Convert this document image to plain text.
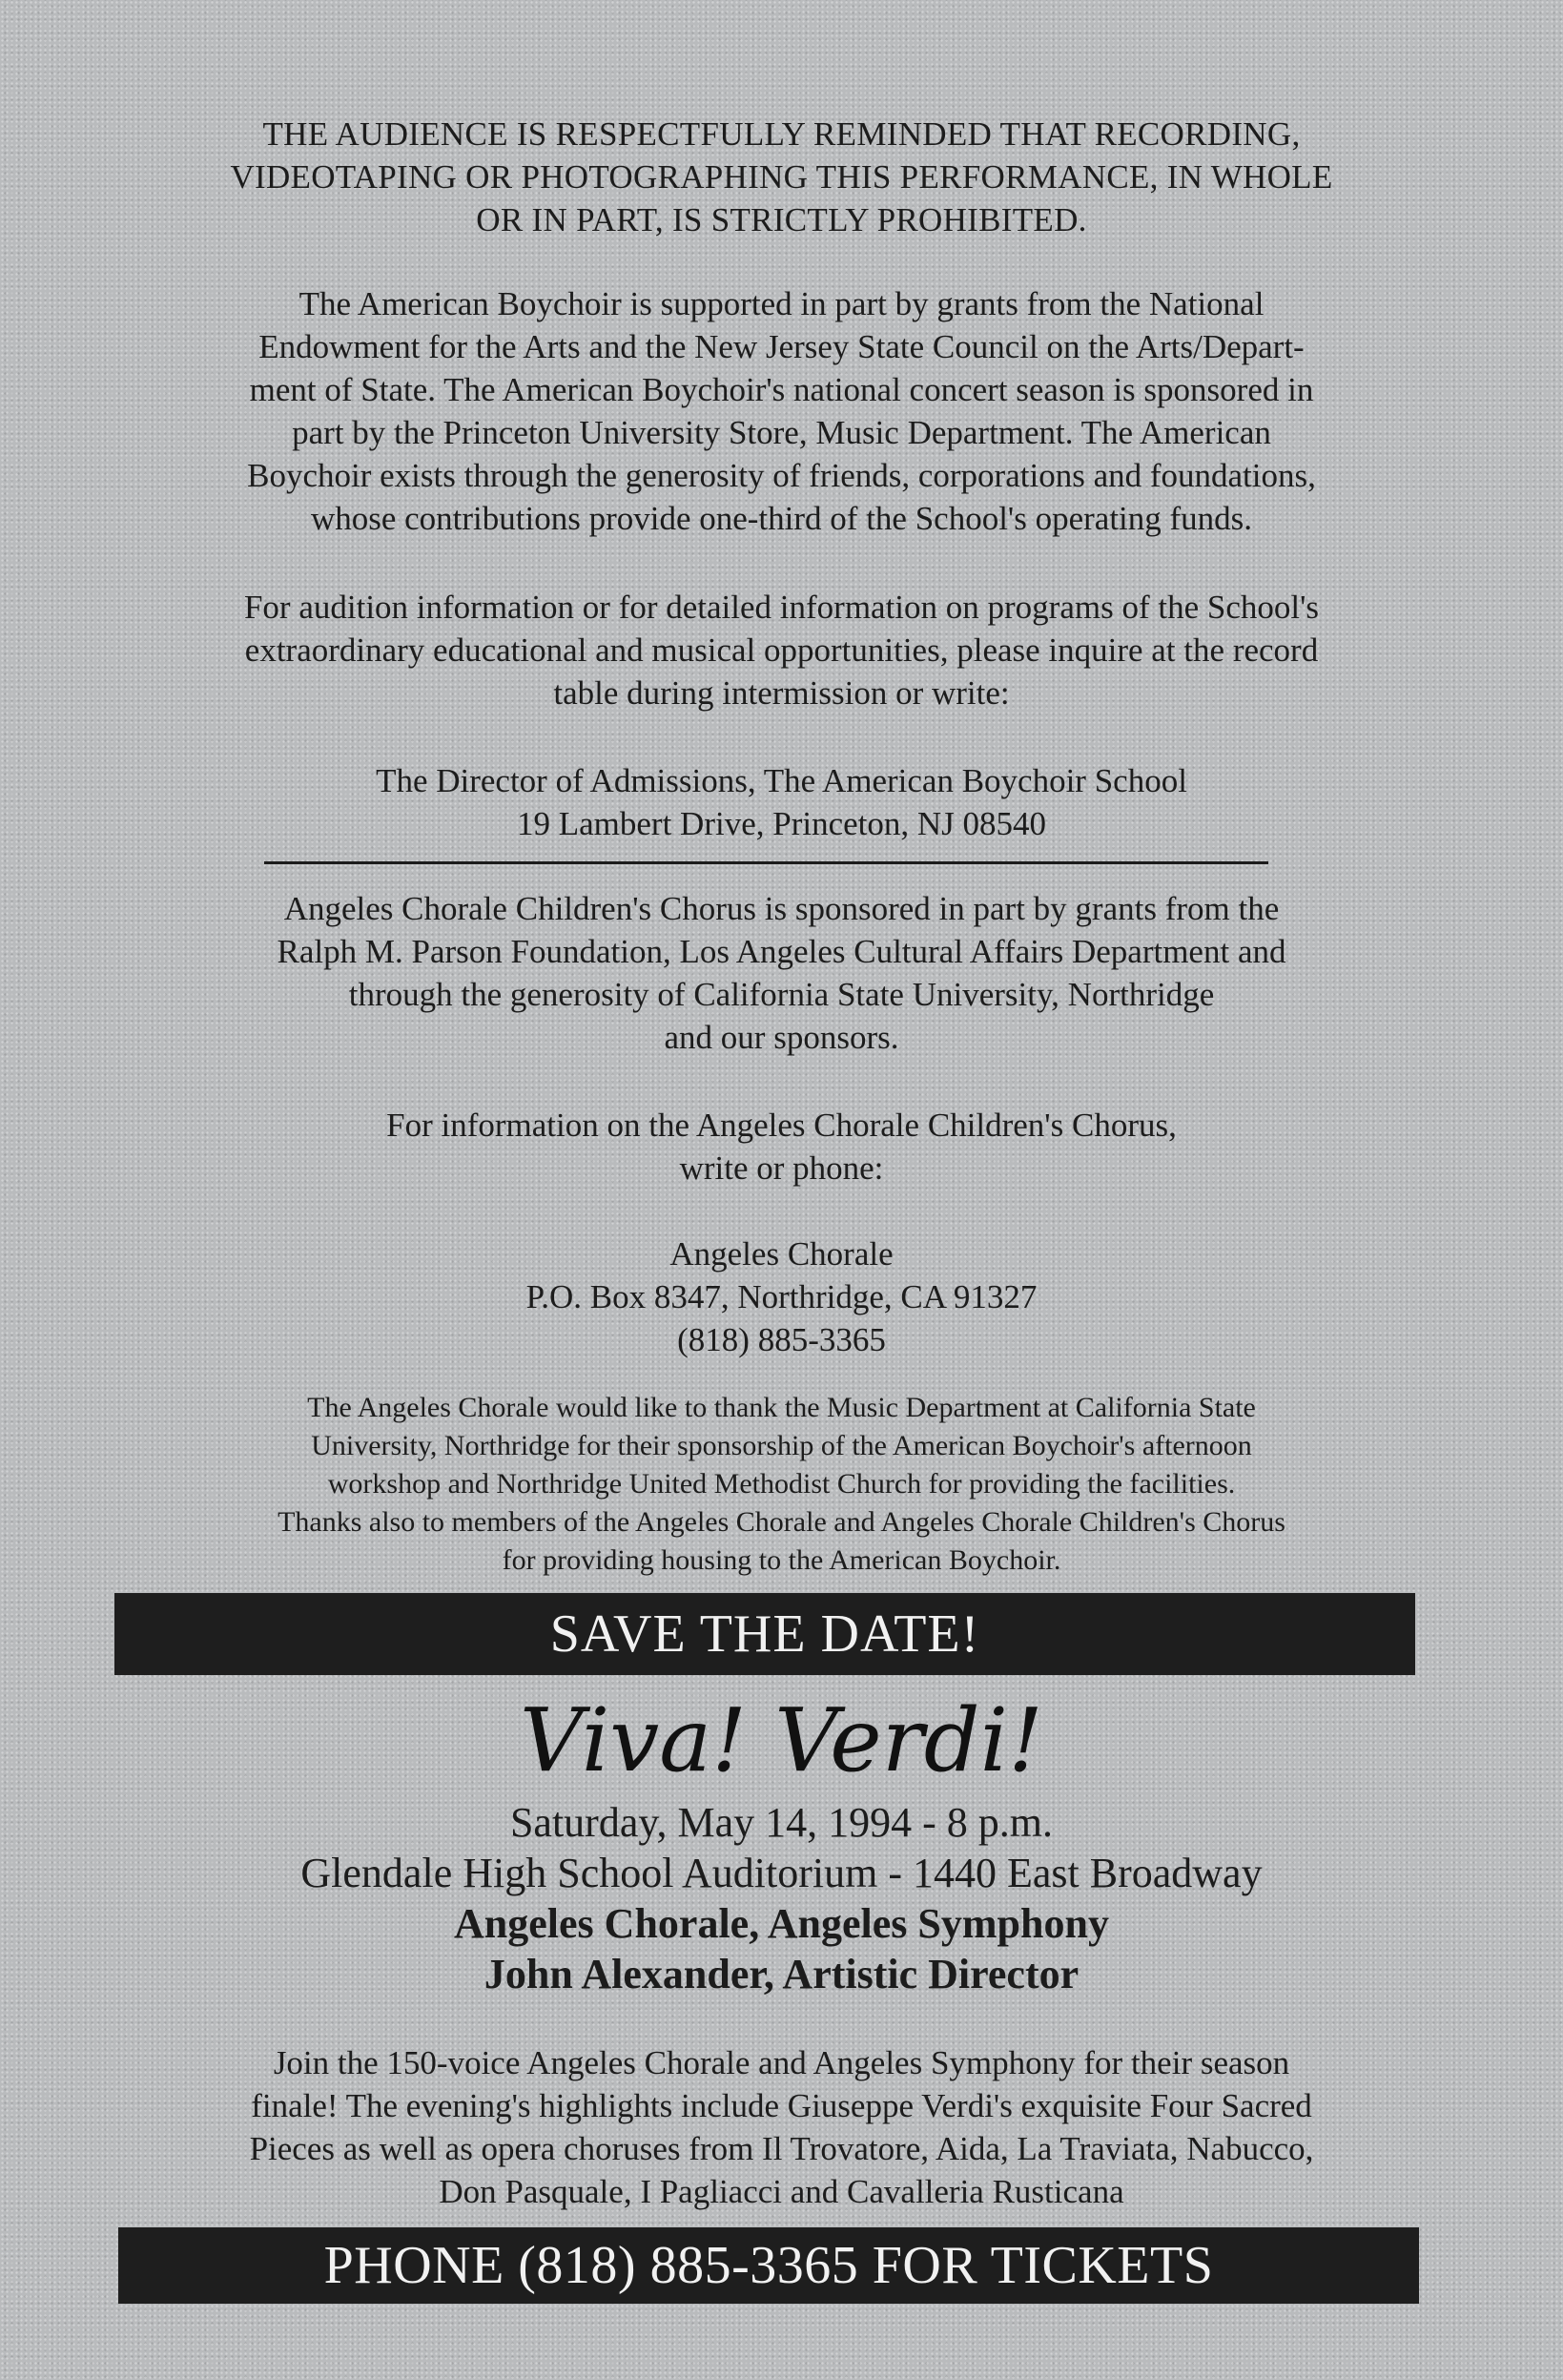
THE AUDIENCE IS RESPECTFULLY REMINDED THAT RECORDING,
VIDEOTAPING OR PHOTOGRAPHING THIS PERFORMANCE, IN WHOLE
OR IN PART, IS STRICTLY PROHIBITED.

The American Boychoir is supported in part by grants from the National
Endowment for the Arts and the New Jersey State Council on the Arts/Depart-
ment of State. The American Boychoir's national concert season is sponsored in
part by the Princeton University Store, Music Department. The American
Boychoir exists through the generosity of friends, corporations and foundations,
whose contributions provide one-third of the School's operating funds.

For audition information or for detailed information on programs of the School's
extraordinary educational and musical opportunities, please inquire at the record
table during intermission or write:

The Director of Admissions, The American Boychoir School
19 Lambert Drive, Princeton, NJ 08540

Angeles Chorale Children's Chorus is sponsored in part by grants from the
Ralph M. Parson Foundation, Los Angeles Cultural Affairs Department and
through the generosity of California State University, Northridge
and our sponsors.

For information on the Angeles Chorale Children's Chorus,
write or phone:

Angeles Chorale
P.O. Box 8347, Northridge, CA 91327
(818) 885-3365

The Angeles Chorale would like to thank the Music Department at California State
University, Northridge for their sponsorship of the American Boychoir's afternoon
workshop and Northridge United Methodist Church for providing the facilities.
Thanks also to members of the Angeles Chorale and Angeles Chorale Children's Chorus
for providing housing to the American Boychoir.

SAVE THE DATE!

Viva! Verdi!

Saturday, May 14, 1994 - 8 p.m.
Glendale High School Auditorium - 1440 East Broadway
Angeles Chorale, Angeles Symphony
John Alexander, Artistic Director

Join the 150-voice Angeles Chorale and Angeles Symphony for their season
finale! The evening's highlights include Giuseppe Verdi's exquisite Four Sacred
Pieces as well as opera choruses from Il Trovatore, Aida, La Traviata, Nabucco,
Don Pasquale, I Pagliacci and Cavalleria Rusticana

PHONE (818) 885-3365 FOR TICKETS
